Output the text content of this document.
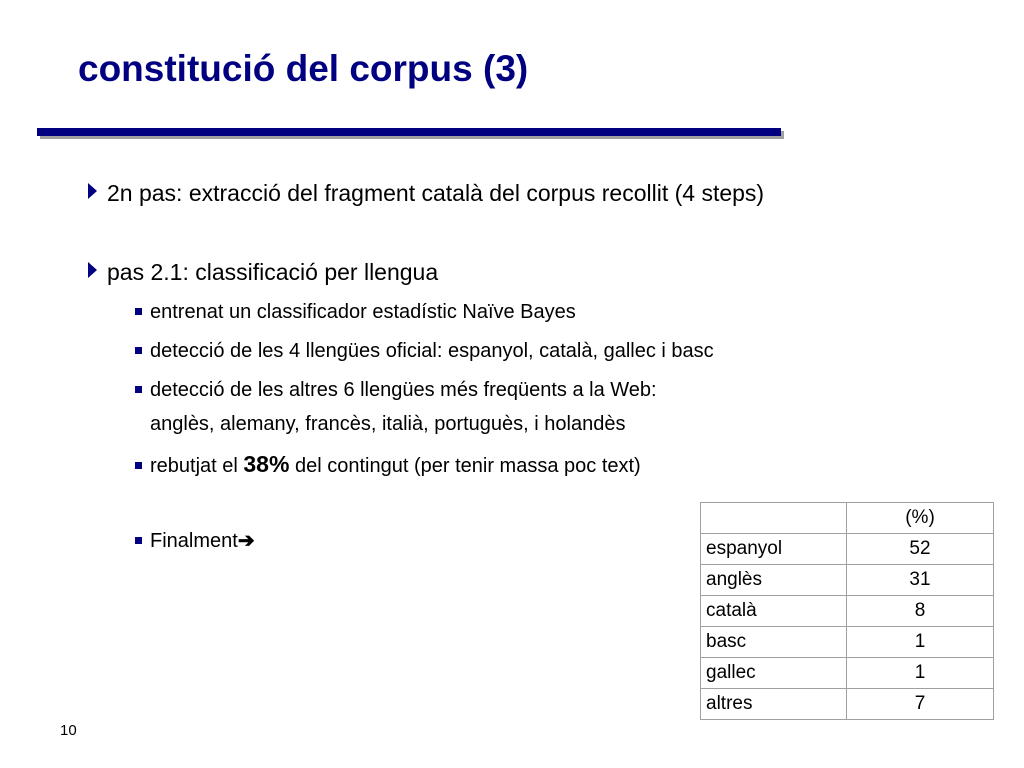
constitució del corpus (3)
2n pas: extracció del fragment català del corpus recollit (4 steps)
pas 2.1: classificació per llengua
entrenat un classificador estadístic Naïve Bayes
detecció de les 4 llengües oficial: espanyol, català, gallec i basc
detecció de les altres 6 llengües més freqüents a la Web: anglès, alemany, francès, italià, portuguès, i holandès
rebutjat el 38% del contingut (per tenir massa poc text)
Finalment➔
	(%)
espanyol	52
anglès	31
català	8
basc	1
gallec	1
altres	7
10
